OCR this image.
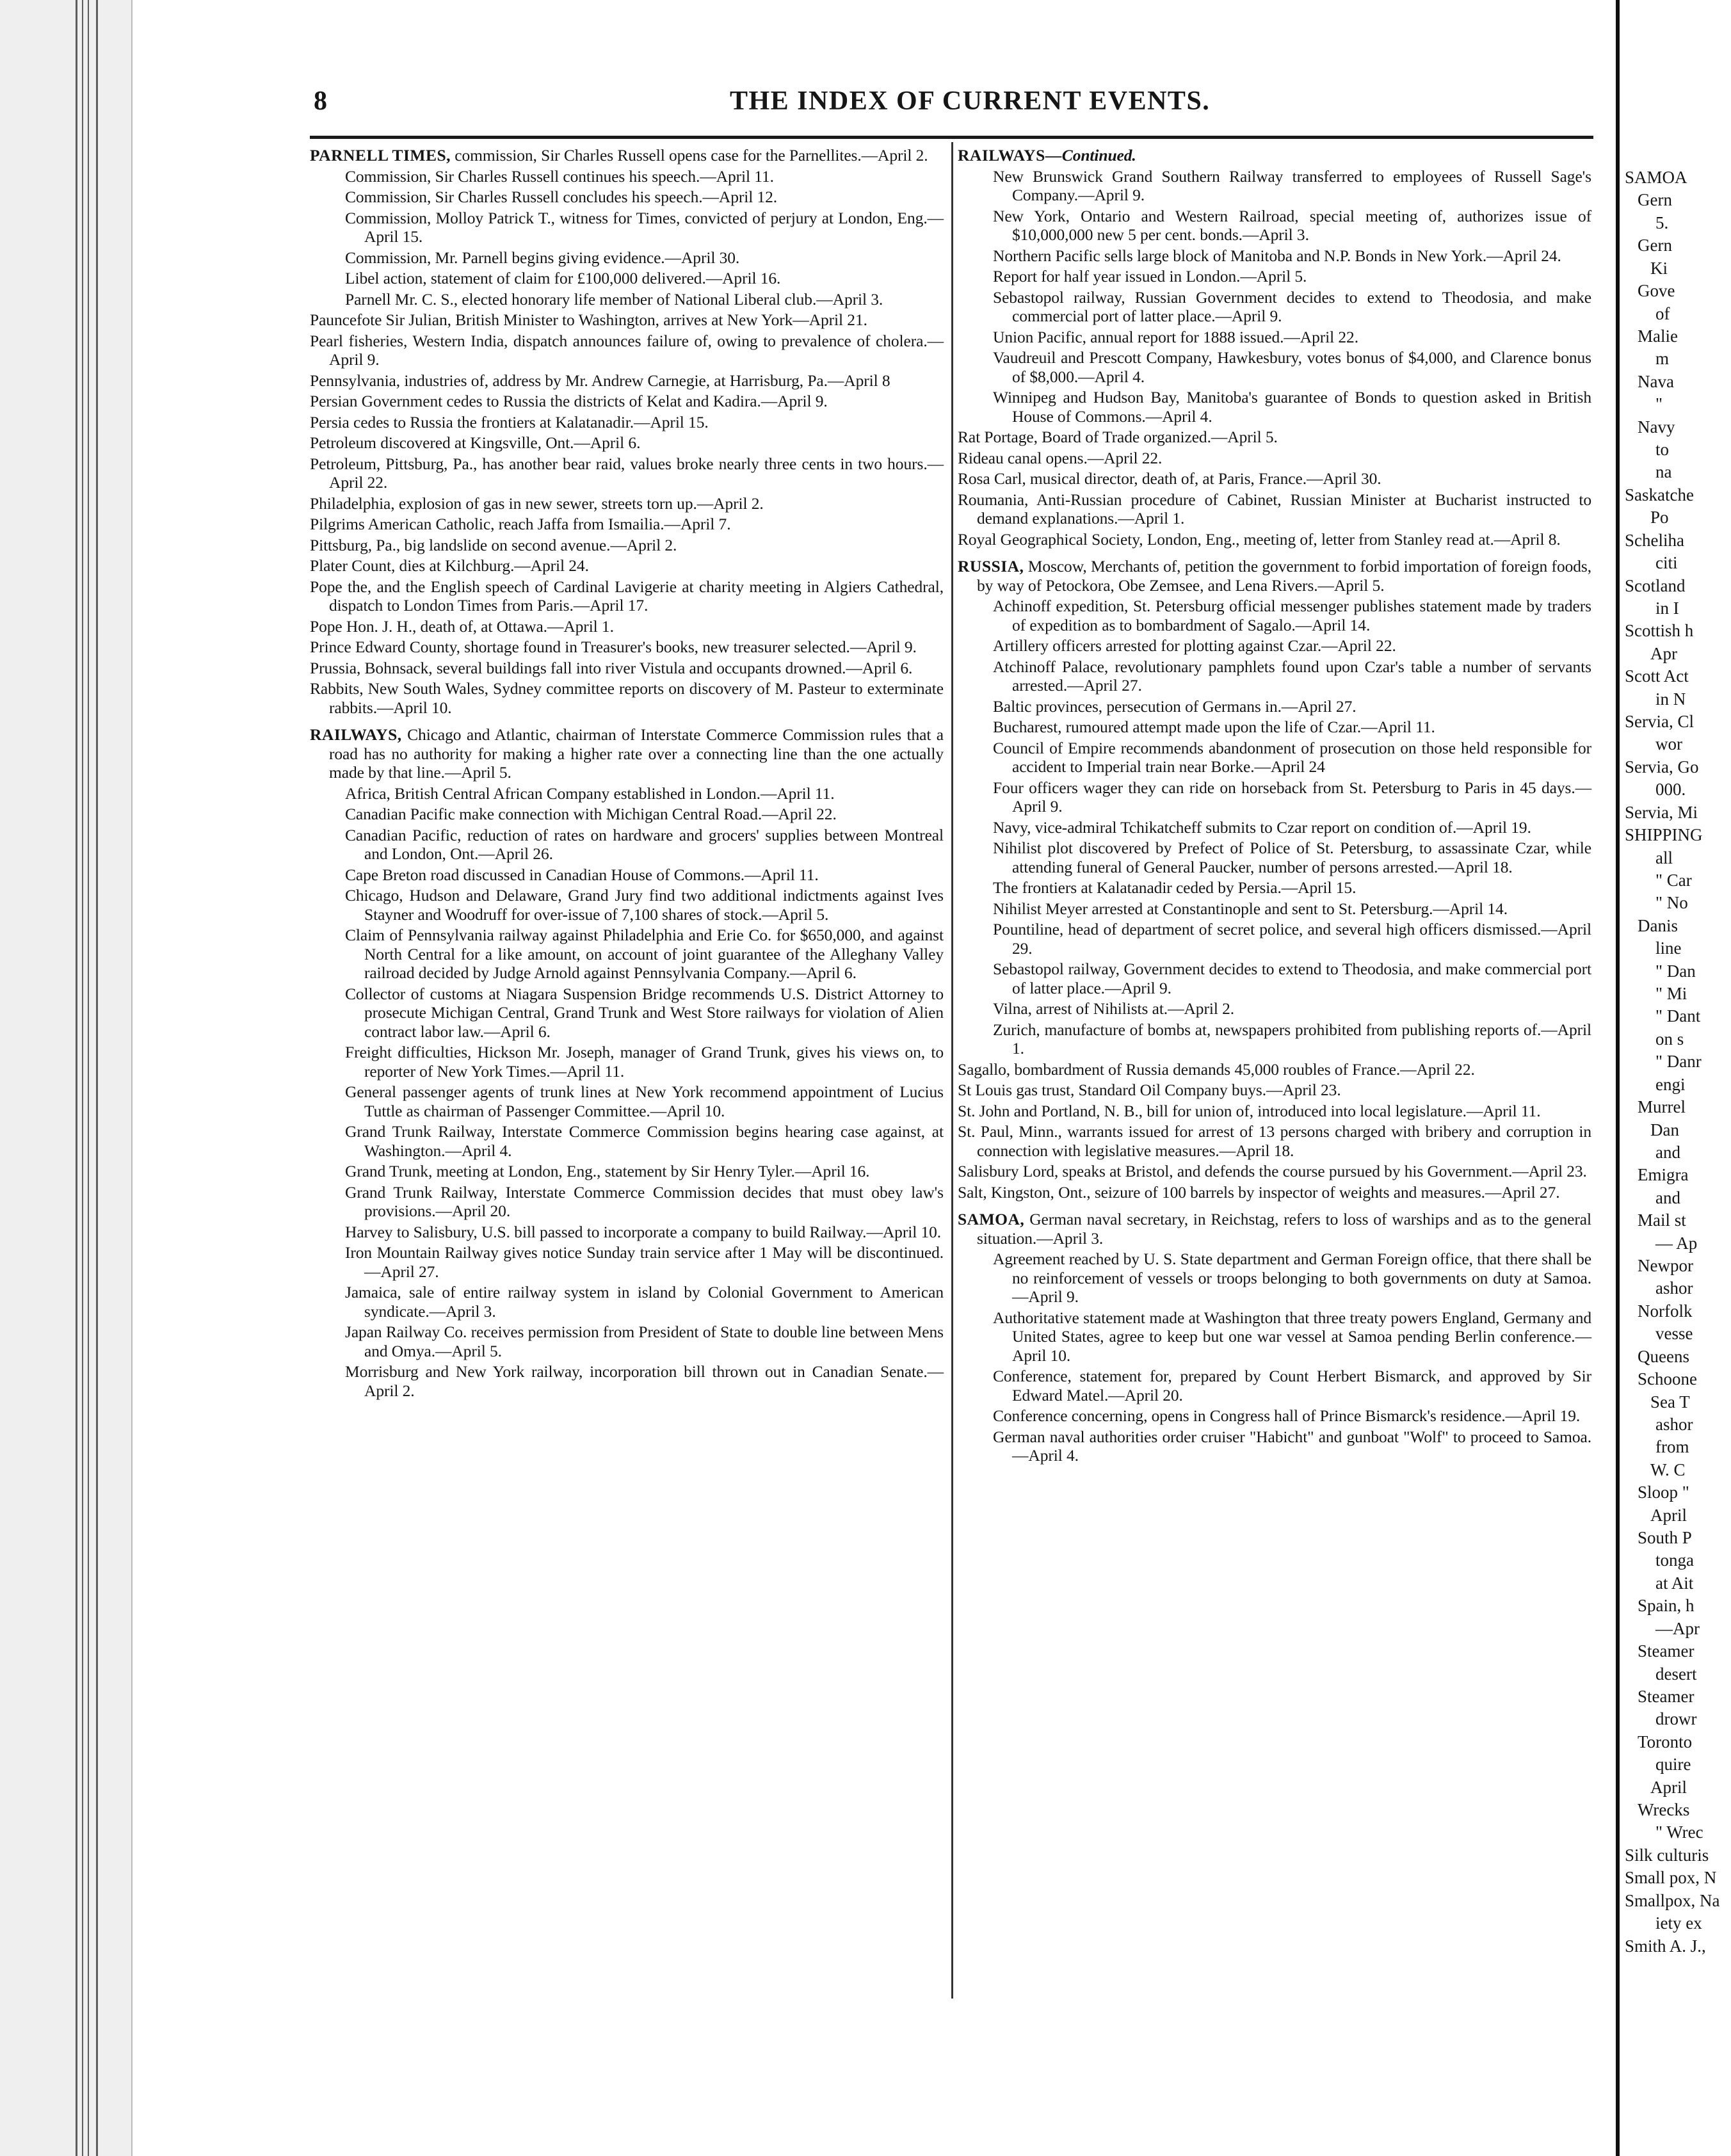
8	THE INDEX OF CURRENT EVENTS.
PARNELL TIMES, commission, Sir Charles Russell opens case for the Parnellites.—April 2.
Commission, Sir Charles Russell continues his speech.—April 11.
Commission, Sir Charles Russell concludes his speech.—April 12.
Commission, Molloy Patrick T., witness for Times, convicted of perjury at London, Eng.—April 15.
Commission, Mr. Parnell begins giving evidence.—April 30.
Libel action, statement of claim for £100,000 delivered.—April 16.
Parnell Mr. C. S., elected honorary life member of National Liberal club.—April 3.
Pauncefote Sir Julian, British Minister to Washington, arrives at New York—April 21.
Pearl fisheries, Western India, dispatch announces failure of, owing to prevalence of cholera.—April 9.
Pennsylvania, industries of, address by Mr. Andrew Carnegie, at Harrisburg, Pa.—April 8
Persian Government cedes to Russia the districts of Kelat and Kadira.—April 9.
Persia cedes to Russia the frontiers at Kalatanadir.—April 15.
Petroleum discovered at Kingsville, Ont.—April 6.
Petroleum, Pittsburg, Pa., has another bear raid, values broke nearly three cents in two hours.—April 22.
Philadelphia, explosion of gas in new sewer, streets torn up.—April 2.
Pilgrims American Catholic, reach Jaffa from Ismailia.—April 7.
Pittsburg, Pa., big landslide on second avenue.—April 2.
Plater Count, dies at Kilchburg.—April 24.
Pope the, and the English speech of Cardinal Lavigerie at charity meeting in Algiers Cathedral, dispatch to London Times from Paris.—April 17.
Pope Hon. J. H., death of, at Ottawa.—April 1.
Prince Edward County, shortage found in Treasurer's books, new treasurer selected.—April 9.
Prussia, Bohnsack, several buildings fall into river Vistula and occupants drowned.—April 6.
Rabbits, New South Wales, Sydney committee reports on discovery of M. Pasteur to exterminate rabbits.—April 10.
RAILWAYS, Chicago and Atlantic, chairman of Interstate Commerce Commission rules that a road has no authority for making a higher rate over a connecting line than the one actually made by that line.—April 5.
Africa, British Central African Company established in London.—April 11.
Canadian Pacific make connection with Michigan Central Road.—April 22.
Canadian Pacific, reduction of rates on hardware and grocers' supplies between Montreal and London, Ont.—April 26.
Cape Breton road discussed in Canadian House of Commons.—April 11.
Chicago, Hudson and Delaware, Grand Jury find two additional indictments against Ives Stayner and Woodruff for over-issue of 7,100 shares of stock.—April 5.
Claim of Pennsylvania railway against Philadelphia and Erie Co. for $650,000, and against North Central for a like amount, on account of joint guarantee of the Alleghany Valley railroad decided by Judge Arnold against Pennsylvania Company.—April 6.
Collector of customs at Niagara Suspension Bridge recommends U.S. District Attorney to prosecute Michigan Central, Grand Trunk and West Store railways for violation of Alien contract labor law.—April 6.
Freight difficulties, Hickson Mr. Joseph, manager of Grand Trunk, gives his views on, to reporter of New York Times.—April 11.
General passenger agents of trunk lines at New York recommend appointment of Lucius Tuttle as chairman of Passenger Committee.—April 10.
Grand Trunk Railway, Interstate Commerce Commission begins hearing case against, at Washington.—April 4.
Grand Trunk, meeting at London, Eng., statement by Sir Henry Tyler.—April 16.
Grand Trunk Railway, Interstate Commerce Commission decides that must obey law's provisions.—April 20.
Harvey to Salisbury, U.S. bill passed to incorporate a company to build Railway.—April 10.
Iron Mountain Railway gives notice Sunday train service after 1 May will be discontinued.—April 27.
Jamaica, sale of entire railway system in island by Colonial Government to American syndicate.—April 3.
Japan Railway Co. receives permission from President of State to double line between Mens and Omya.—April 5.
Morrisburg and New York railway, incorporation bill thrown out in Canadian Senate.—April 2.
RAILWAYS—Continued.
New Brunswick Grand Southern Railway transferred to employees of Russell Sage's Company.—April 9.
New York, Ontario and Western Railroad, special meeting of, authorizes issue of $10,000,000 new 5 per cent. bonds.—April 3.
Northern Pacific sells large block of Manitoba and N.P. Bonds in New York.—April 24.
Report for half year issued in London.—April 5.
Sebastopol railway, Russian Government decides to extend to Theodosia, and make commercial port of latter place.—April 9.
Union Pacific, annual report for 1888 issued.—April 22.
Vaudreuil and Prescott Company, Hawkesbury, votes bonus of $4,000, and Clarence bonus of $8,000.—April 4.
Winnipeg and Hudson Bay, Manitoba's guarantee of Bonds to question asked in British House of Commons.—April 4.
Rat Portage, Board of Trade organized.—April 5.
Rideau canal opens.—April 22.
Rosa Carl, musical director, death of, at Paris, France.—April 30.
Roumania, Anti-Russian procedure of Cabinet, Russian Minister at Bucharist instructed to demand explanations.—April 1.
Royal Geographical Society, London, Eng., meeting of, letter from Stanley read at.—April 8.
RUSSIA, Moscow, Merchants of, petition the government to forbid importation of foreign foods, by way of Petockora, Obe Zemsee, and Lena Rivers.—April 5.
Achinoff expedition, St. Petersburg official messenger publishes statement made by traders of expedition as to bombardment of Sagalo.—April 14.
Artillery officers arrested for plotting against Czar.—April 22.
Atchinoff Palace, revolutionary pamphlets found upon Czar's table a number of servants arrested.—April 27.
Baltic provinces, persecution of Germans in.—April 27.
Bucharest, rumoured attempt made upon the life of Czar.—April 11.
Council of Empire recommends abandonment of prosecution on those held responsible for accident to Imperial train near Borke.—April 24
Four officers wager they can ride on horseback from St. Petersburg to Paris in 45 days.—April 9.
Navy, vice-admiral Tchikatcheff submits to Czar report on condition of.—April 19.
Nihilist plot discovered by Prefect of Police of St. Petersburg, to assassinate Czar, while attending funeral of General Paucker, number of persons arrested.—April 18.
The frontiers at Kalatanadir ceded by Persia.—April 15.
Nihilist Meyer arrested at Constantinople and sent to St. Petersburg.—April 14.
Pountiline, head of department of secret police, and several high officers dismissed.—April 29.
Sebastopol railway, Government decides to extend to Theodosia, and make commercial port of latter place.—April 9.
Vilna, arrest of Nihilists at.—April 2.
Zurich, manufacture of bombs at, newspapers prohibited from publishing reports of.—April 1.
Sagallo, bombardment of Russia demands 45,000 roubles of France.—April 22.
St Louis gas trust, Standard Oil Company buys.—April 23.
St. John and Portland, N. B., bill for union of, introduced into local legislature.—April 11.
St. Paul, Minn., warrants issued for arrest of 13 persons charged with bribery and corruption in connection with legislative measures.—April 18.
Salisbury Lord, speaks at Bristol, and defends the course pursued by his Government.—April 23.
Salt, Kingston, Ont., seizure of 100 barrels by inspector of weights and measures.—April 27.
SAMOA, German naval secretary, in Reichstag, refers to loss of warships and as to the general situation.—April 3.
Agreement reached by U. S. State department and German Foreign office, that there shall be no reinforcement of vessels or troops belonging to both governments on duty at Samoa.—April 9.
Authoritative statement made at Washington that three treaty powers England, Germany and United States, agree to keep but one war vessel at Samoa pending Berlin conference.—April 10.
Conference, statement for, prepared by Count Herbert Bismarck, and approved by Sir Edward Matel.—April 20.
Conference concerning, opens in Congress hall of Prince Bismarck's residence.—April 19.
German naval authorities order cruiser "Habicht" and gunboat "Wolf" to proceed to Samoa.—April 4.
SAMOA
Gern
5.
Gern
Ki
Gove
of
Malie
m
Nava
"
Navy
to
na
Saskatche
Po
Scheliha
citi
Scotland
in I
Scottish h
Apr
Scott Act
in N
Servia, Cl
wor
Servia, Go
000.
Servia, Mi
SHIPPING
all
" Car
" No
Danis
line
" Dan
" Mi
" Dant
on s
" Danr
engi
Murrel
Dan
and
Emigra
and
Mail st
— Ap
Newpor
ashor
Norfolk
vesse
Queens
Schoone
Sea T
ashor
from
W. C
Sloop "
April
South P
tonga
at Ait
Spain, h
—Apr
Steamer
desert
Steamer
drowr
Toronto
quire
April
Wrecks
" Wrec
Silk culturis
Small pox, N
Smallpox, Na
iety ex
Smith A. J.,
